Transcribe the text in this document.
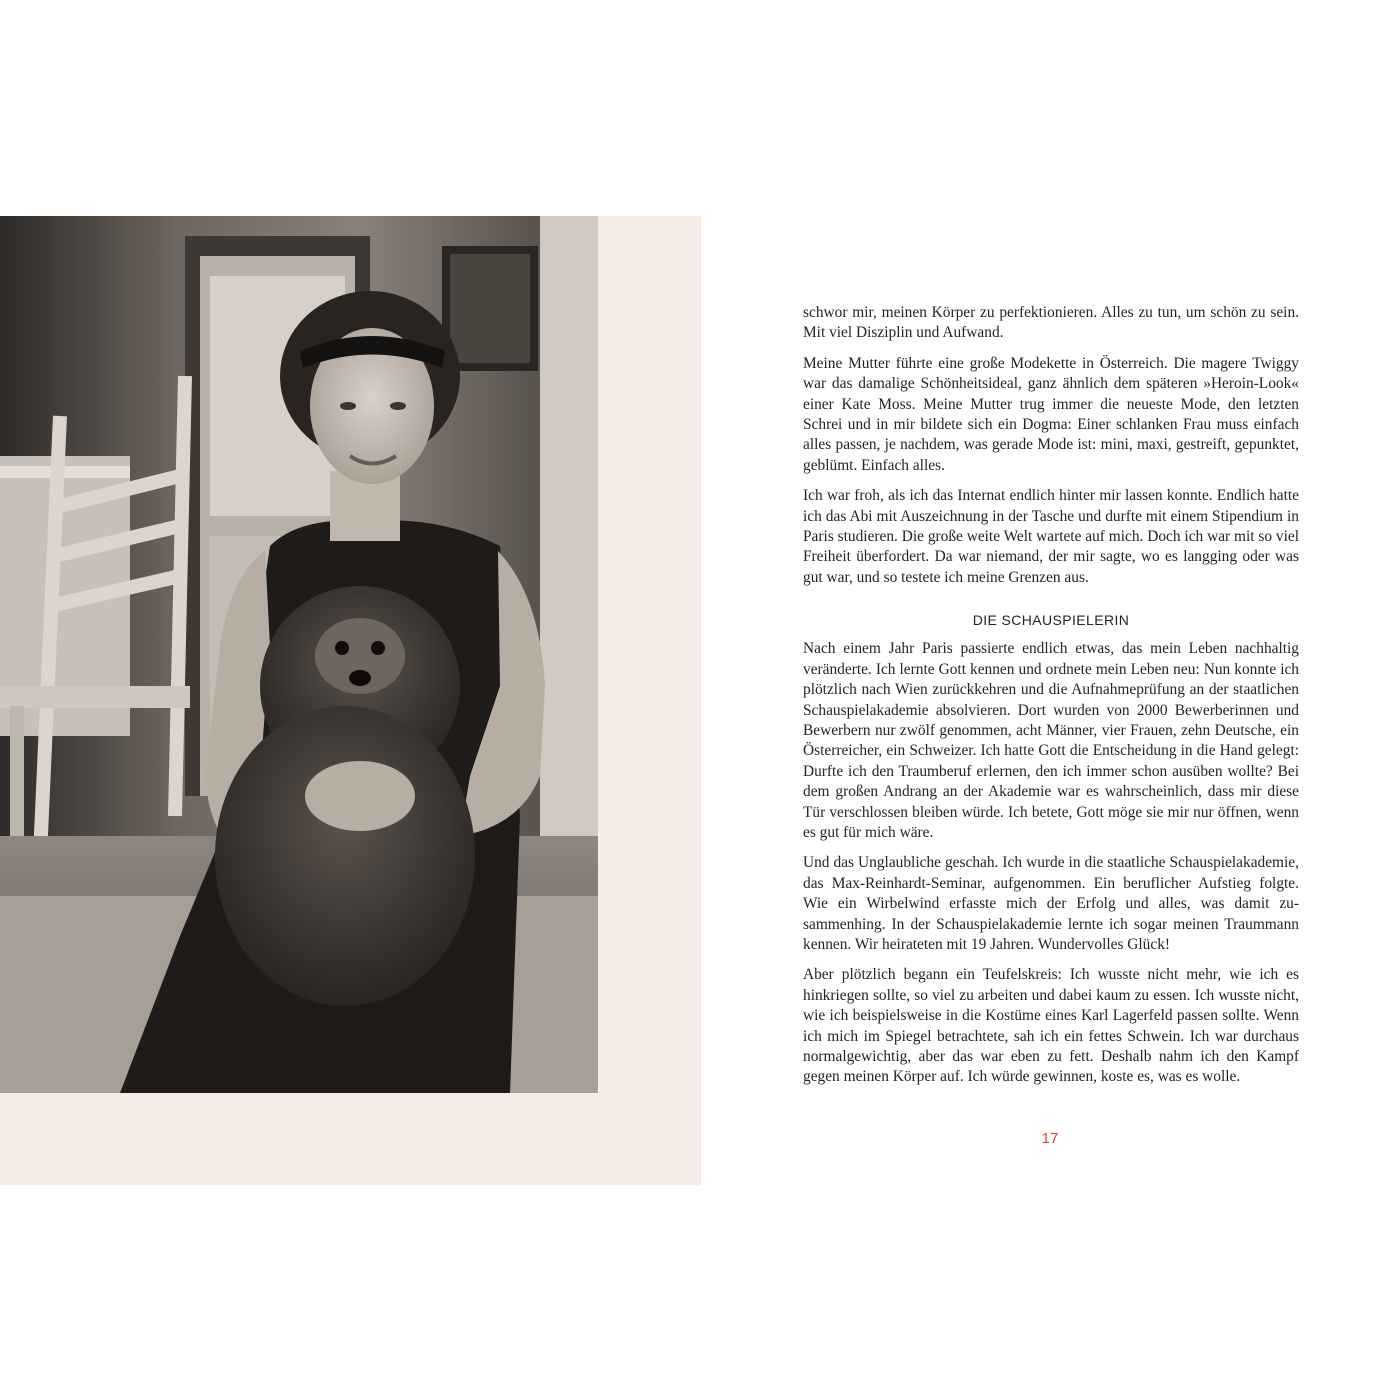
schwor mir, meinen Körper zu perfektionieren. Alles zu tun, um schön zu sein. Mit viel Disziplin und Aufwand.

Meine Mutter führte eine große Modekette in Österreich. Die magere Twiggy war das damalige Schönheitsideal, ganz ähnlich dem späteren »Heroin-Look« einer Kate Moss. Meine Mutter trug immer die neueste Mode, den letzten Schrei und in mir bildete sich ein Dogma: Einer schlanken Frau muss einfach alles passen, je nachdem, was gerade Mode ist: mini, maxi, gestreift, gepunktet, geblümt. Einfach alles.

Ich war froh, als ich das Internat endlich hinter mir lassen konnte. Endlich hatte ich das Abi mit Auszeichnung in der Tasche und durfte mit einem Stipendium in Paris studieren. Die große weite Welt wartete auf mich. Doch ich war mit so viel Freiheit überfordert. Da war niemand, der mir sagte, wo es langging oder was gut war, und so testete ich meine Grenzen aus.

DIE SCHAUSPIELERIN

Nach einem Jahr Paris passierte endlich etwas, das mein Leben nachhaltig veränderte. Ich lernte Gott kennen und ordnete mein Leben neu: Nun konnte ich plötzlich nach Wien zurückkehren und die Aufnahmeprüfung an der staatlichen Schauspielakademie absolvieren. Dort wurden von 2000 Bewerberinnen und Bewerbern nur zwölf genommen, acht Männer, vier Frauen, zehn Deutsche, ein Österreicher, ein Schweizer. Ich hatte Gott die Entscheidung in die Hand gelegt: Durfte ich den Traumberuf erlernen, den ich immer schon ausüben wollte? Bei dem großen Andrang an der Akademie war es wahrscheinlich, dass mir diese Tür verschlossen bleiben würde. Ich betete, Gott möge sie mir nur öffnen, wenn es gut für mich wäre.

Und das Unglaubliche geschah. Ich wurde in die staatliche Schauspielakademie, das Max-Reinhardt-Seminar, aufgenommen. Ein beruflicher Aufstieg folgte. Wie ein Wirbelwind erfasste mich der Erfolg und alles, was damit zusammenhing. In der Schauspielakademie lernte ich sogar meinen Traummann kennen. Wir heirateten mit 19 Jahren. Wundervolles Glück!

Aber plötzlich begann ein Teufelskreis: Ich wusste nicht mehr, wie ich es hinkriegen sollte, so viel zu arbeiten und dabei kaum zu essen. Ich wusste nicht, wie ich beispielsweise in die Kostüme eines Karl Lagerfeld passen sollte. Wenn ich mich im Spiegel betrachtete, sah ich ein fettes Schwein. Ich war durchaus normalgewichtig, aber das war eben zu fett. Deshalb nahm ich den Kampf gegen meinen Körper auf. Ich würde gewinnen, koste es, was es wolle.

17
